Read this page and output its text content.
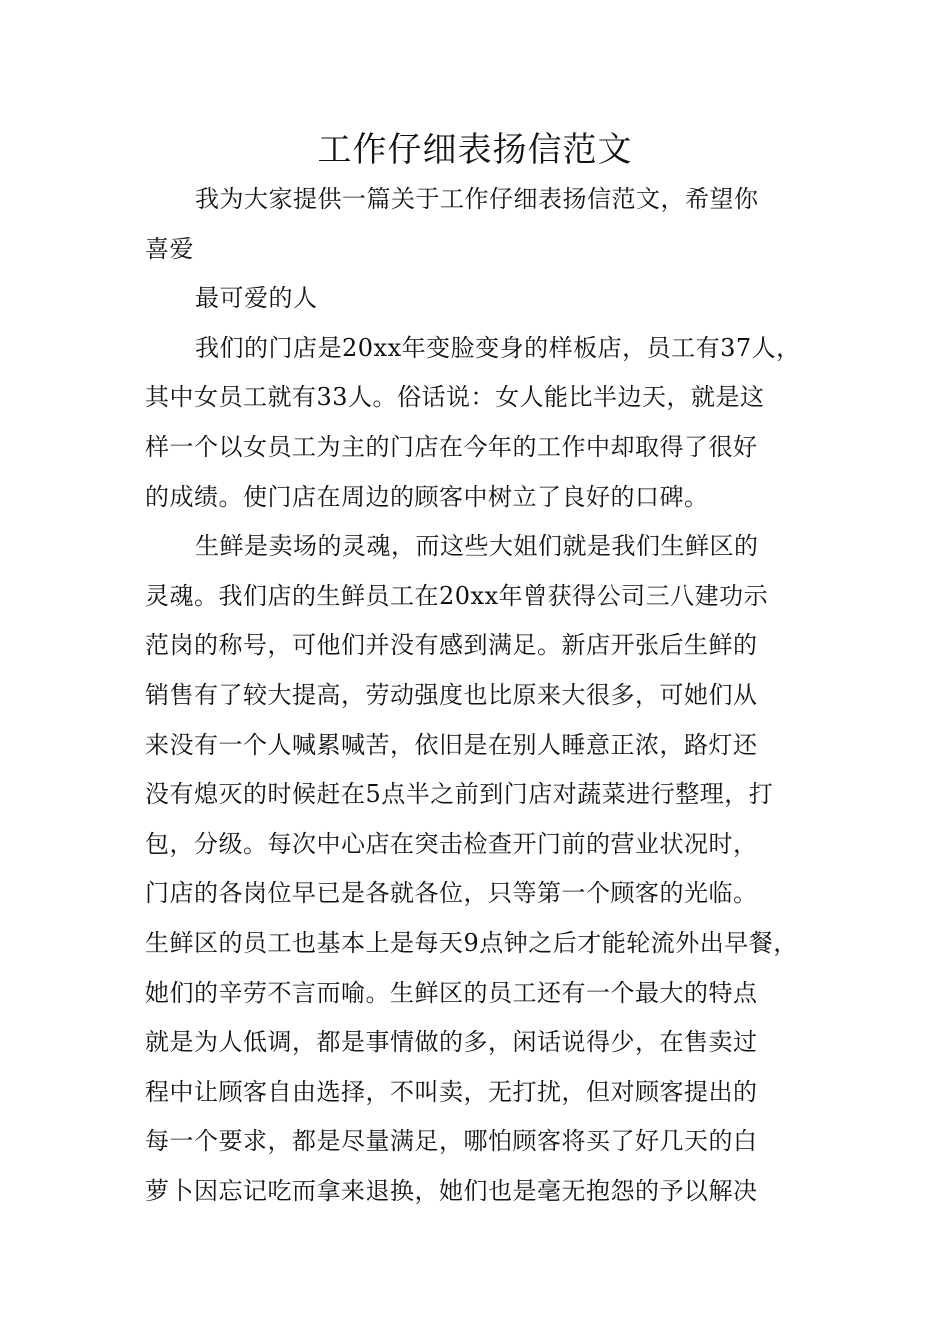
工作仔细表扬信范文
我为大家提供一篇关于工作仔细表扬信范文，希望你
喜爱
最可爱的人
我们的门店是20xx年变脸变身的样板店，员工有37人，
其中女员工就有33人。俗话说：女人能比半边天，就是这
样一个以女员工为主的门店在今年的工作中却取得了很好
的成绩。使门店在周边的顾客中树立了良好的口碑。
生鲜是卖场的灵魂，而这些大姐们就是我们生鲜区的
灵魂。我们店的生鲜员工在20xx年曾获得公司三八建功示
范岗的称号，可他们并没有感到满足。新店开张后生鲜的
销售有了较大提高，劳动强度也比原来大很多，可她们从
来没有一个人喊累喊苦，依旧是在别人睡意正浓，路灯还
没有熄灭的时候赶在5点半之前到门店对蔬菜进行整理，打
包，分级。每次中心店在突击检查开门前的营业状况时，
门店的各岗位早已是各就各位，只等第一个顾客的光临。
生鲜区的员工也基本上是每天9点钟之后才能轮流外出早餐，
她们的辛劳不言而喻。生鲜区的员工还有一个最大的特点
就是为人低调，都是事情做的多，闲话说得少，在售卖过
程中让顾客自由选择，不叫卖，无打扰，但对顾客提出的
每一个要求，都是尽量满足，哪怕顾客将买了好几天的白
萝卜因忘记吃而拿来退换，她们也是毫无抱怨的予以解决
